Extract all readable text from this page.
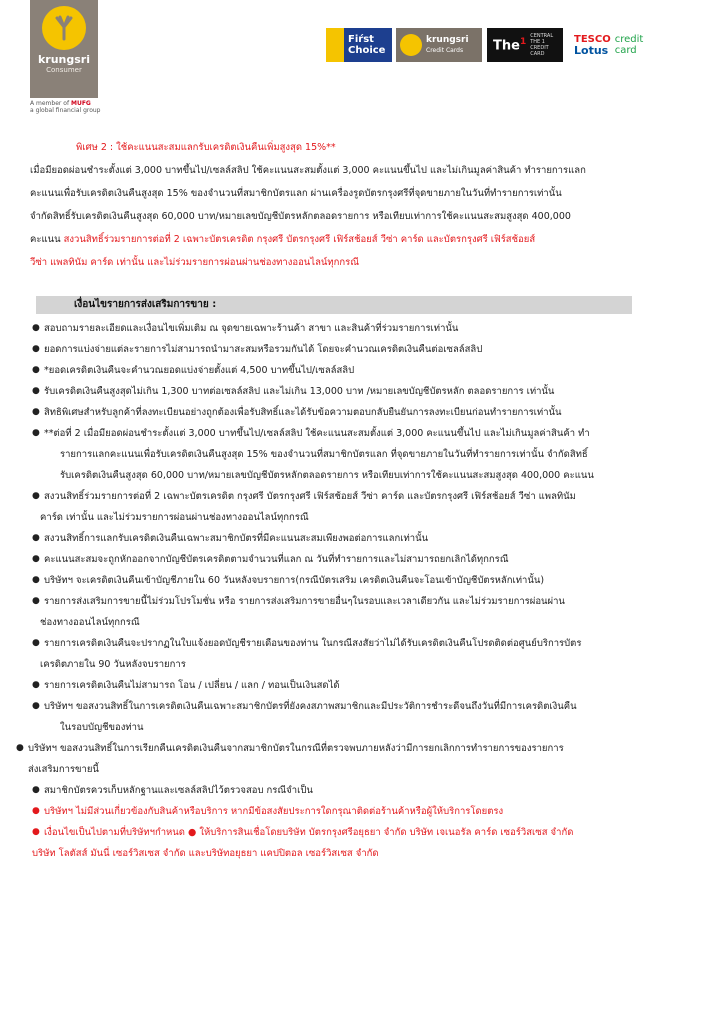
krungsri
Consumer
A member of MUFG
a global financial group
Fiŕst
Choice
krungsri
Credit Cards	The$^1$
CENTRAL
THE 1
CREDIT CARD
TESCO
Lotus
credit
card
พิเศษ 2 : ใช้คะแนนสะสมแลกรับเครดิตเงินคืนเพิ่มสูงสุด 15%**
เมื่อมียอดผ่อนชำระตั้งแต่ 3,000 บาทขึ้นไป/เซลล์สลิป ใช้คะแนนสะสมตั้งแต่ 3,000 คะแนนขึ้นไป และไม่เกินมูลค่าสินค้า ทำรายการแลก
คะแนนเพื่อรับเครดิตเงินคืนสูงสุด 15% ของจำนวนที่สมาชิกบัตรแลก ผ่านเครื่องรูดบัตรกรุงศรีที่จุดขายภายในวันที่ทำรายการเท่านั้น
จำกัดสิทธิ์รับเครดิตเงินคืนสูงสุด 60,000 บาท/หมายเลขบัญชีบัตรหลักตลอดรายการ หรือเทียบเท่าการใช้คะแนนสะสมสูงสุด 400,000
คะแนน สงวนสิทธิ์ร่วมรายการต่อที่ 2 เฉพาะบัตรเครดิต กรุงศรี บัตรกรุงศรี เฟิร์สช้อยส์ วีซ่า คาร์ด และบัตรกรุงศรี เฟิร์สช้อยส์
วีซ่า แพลทินัม คาร์ด เท่านั้น และไม่ร่วมรายการผ่อนผ่านช่องทางออนไลน์ทุกกรณี
เงื่อนไขรายการส่งเสริมการขาย :
● สอบถามรายละเอียดและเงื่อนไขเพิ่มเติม ณ จุดขายเฉพาะร้านค้า สาขา และสินค้าที่ร่วมรายการเท่านั้น
● ยอดการแบ่งจ่ายแต่ละรายการไม่สามารถนำมาสะสมหรือรวมกันได้ โดยจะคำนวณเครดิตเงินคืนต่อเซลล์สลิป
● *ยอดเครดิตเงินคืนจะคำนวณยอดแบ่งจ่ายตั้งแต่ 4,500 บาทขึ้นไป/เซลล์สลิป
● รับเครดิตเงินคืนสูงสุดไม่เกิน 1,300 บาทต่อเซลล์สลิป และไม่เกิน 13,000 บาท /หมายเลขบัญชีบัตรหลัก ตลอดรายการ เท่านั้น
● สิทธิพิเศษสำหรับลูกค้าที่ลงทะเบียนอย่างถูกต้องเพื่อรับสิทธิ์และได้รับข้อความตอบกลับยืนยันการลงทะเบียนก่อนทำรายการเท่านั้น
● **ต่อที่ 2 เมื่อมียอดผ่อนชำระตั้งแต่ 3,000 บาทขึ้นไป/เซลล์สลิป ใช้คะแนนสะสมตั้งแต่ 3,000 คะแนนขึ้นไป และไม่เกินมูลค่าสินค้า ทำ
รายการแลกคะแนนเพื่อรับเครดิตเงินคืนสูงสุด 15% ของจำนวนที่สมาชิกบัตรแลก ที่จุดขายภายในวันที่ทำรายการเท่านั้น จำกัดสิทธิ์
รับเครดิตเงินคืนสูงสุด 60,000 บาท/หมายเลขบัญชีบัตรหลักตลอดรายการ หรือเทียบเท่าการใช้คะแนนสะสมสูงสุด 400,000 คะแนน
● สงวนสิทธิ์ร่วมรายการต่อที่ 2 เฉพาะบัตรเครดิต กรุงศรี บัตรกรุงศรี เฟิร์สช้อยส์ วีซ่า คาร์ด และบัตรกรุงศรี เฟิร์สช้อยส์ วีซ่า แพลทินัม
คาร์ด เท่านั้น และไม่ร่วมรายการผ่อนผ่านช่องทางออนไลน์ทุกกรณี
● สงวนสิทธิ์การแลกรับเครดิตเงินคืนเฉพาะสมาชิกบัตรที่มีคะแนนสะสมเพียงพอต่อการแลกเท่านั้น
● คะแนนสะสมจะถูกหักออกจากบัญชีบัตรเครดิตตามจำนวนที่แลก ณ วันที่ทำรายการและไม่สามารถยกเลิกได้ทุกกรณี
● บริษัทฯ จะเครดิตเงินคืนเข้าบัญชีภายใน 60 วันหลังจบรายการ(กรณีบัตรเสริม เครดิตเงินคืนจะโอนเข้าบัญชีบัตรหลักเท่านั้น)
● รายการส่งเสริมการขายนี้ไม่ร่วมโปรโมชั่น หรือ รายการส่งเสริมการขายอื่นๆในรอบและเวลาเดียวกัน และไม่ร่วมรายการผ่อนผ่าน
ช่องทางออนไลน์ทุกกรณี
● รายการเครดิตเงินคืนจะปรากฏในใบแจ้งยอดบัญชีรายเดือนของท่าน ในกรณีสงสัยว่าไม่ได้รับเครดิตเงินคืนโปรดติดต่อศูนย์บริการบัตร
เครดิตภายใน 90 วันหลังจบรายการ
● รายการเครดิตเงินคืนไม่สามารถ โอน / เปลี่ยน / แลก / ทอนเป็นเงินสดได้
● บริษัทฯ ขอสงวนสิทธิ์ในการเครดิตเงินคืนเฉพาะสมาชิกบัตรที่ยังคงสภาพสมาชิกและมีประวัติการชำระดีจนถึงวันที่มีการเครดิตเงินคืน
ในรอบบัญชีของท่าน
● บริษัทฯ ขอสงวนสิทธิ์ในการเรียกคืนเครดิตเงินคืนจากสมาชิกบัตรในกรณีที่ตรวจพบภายหลังว่ามีการยกเลิกการทำรายการของรายการ
ส่งเสริมการขายนี้
● สมาชิกบัตรควรเก็บหลักฐานและเซลล์สลิปไว้ตรวจสอบ กรณีจำเป็น
● บริษัทฯ ไม่มีส่วนเกี่ยวข้องกับสินค้าหรือบริการ หากมีข้อสงสัยประการใดกรุณาติดต่อร้านค้าหรือผู้ให้บริการโดยตรง
● เงื่อนไขเป็นไปตามที่บริษัทฯกำหนด ● ให้บริการสินเชื่อโดยบริษัท บัตรกรุงศรีอยุธยา จำกัด บริษัท เจเนอรัล คาร์ด เซอร์วิสเซส จำกัด
บริษัท โลตัสส์ มันนี่ เซอร์วิสเซส จำกัด และบริษัทอยุธยา แคปปิตอล เซอร์วิสเซส จำกัด
